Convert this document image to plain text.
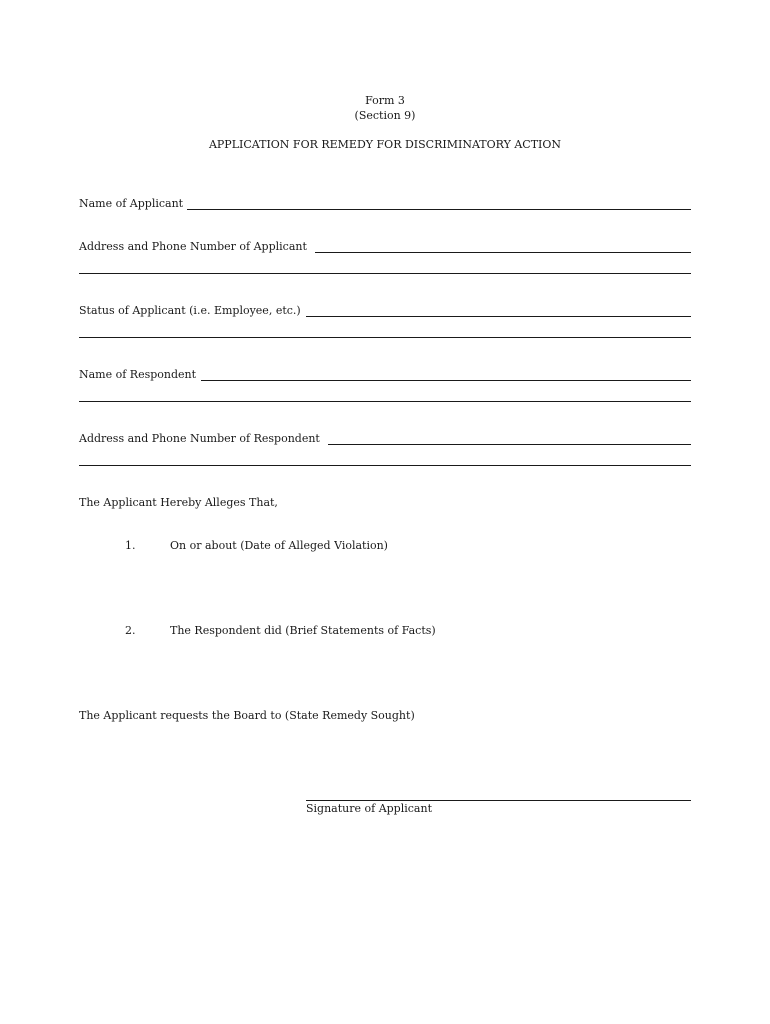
Form 3
(Section 9)
APPLICATION FOR REMEDY FOR DISCRIMINATORY ACTION
Name of Applicant
Address and Phone Number of Applicant
Status of Applicant (i.e. Employee, etc.)
Name of Respondent
Address and Phone Number of Respondent
The Applicant Hereby Alleges That,
1.	On or about (Date of Alleged Violation)
2.	The Respondent did (Brief Statements of Facts)
The Applicant requests the Board to (State Remedy Sought)
Signature of Applicant
